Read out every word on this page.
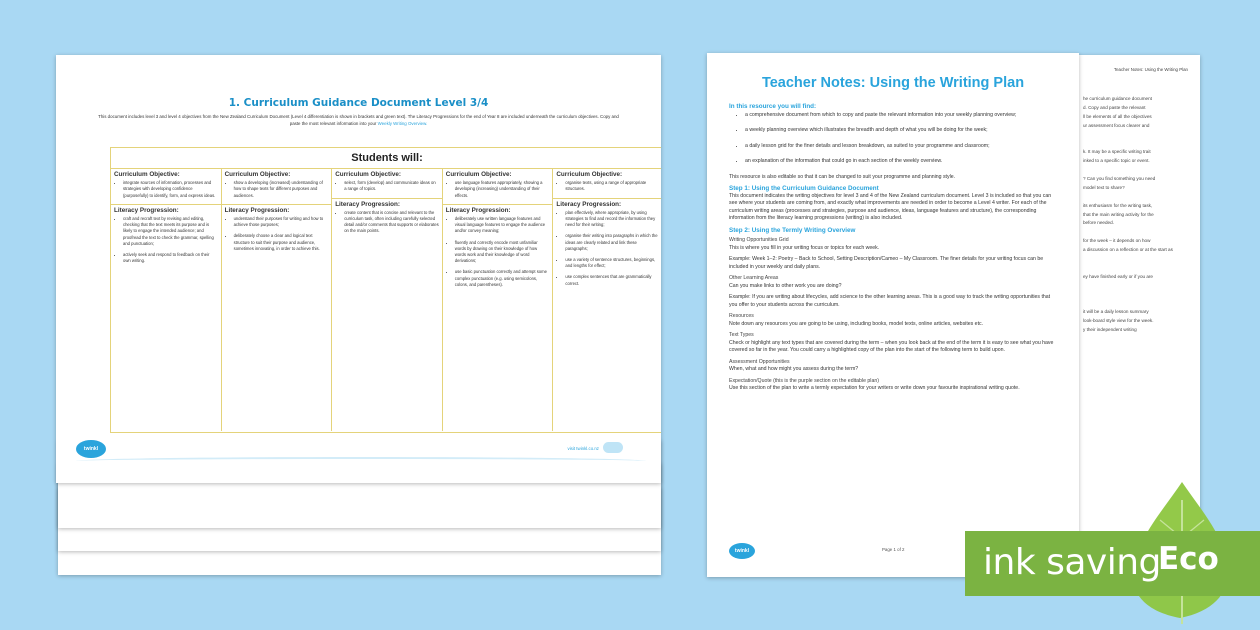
1. Curriculum Guidance Document Level 3/4
This document includes level 3 and level 4 objectives from the New Zealand Curriculum Document (Level 4 differentiation is shown in brackets and green text). The Literacy Progressions for the end of Year 8 are included underneath the curriculum objectives. Copy and paste the most relevant information into your Weekly Writing Overview.
Students will:
Curriculum Objective:
• integrate sources of information, processes and strategies with developing confidence (purposefully) to identify, form, and express ideas.
Literacy Progression:
• craft and recraft text by revising and editing, checking that the text meets its purpose and is likely to engage the intended audience; and proofread the text to check the grammar, spelling and punctuation;
• actively seek and respond to feedback on their own writing.
Curriculum Objective:
• show a developing (increased) understanding of how to shape texts for different purposes and audiences.
Literacy Progression:
• understand their purposes for writing and how to achieve those purposes;
• deliberately choose a clear and logical text structure to suit their purpose and audience, sometimes innovating, in order to achieve this.
Curriculum Objective:
• select, form (develop) and communicate ideas on a range of topics.
Literacy Progression:
• create content that is concise and relevant to the curriculum task, often including carefully selected detail and/or comments that supports or elaborates on the main points.
Curriculum Objective:
• use language features appropriately, showing a developing (increasing) understanding of their effects.
Literacy Progression:
• deliberately use written language features and visual language features to engage the audience and/or convey meaning;
• fluently and correctly encode most unfamiliar words by drawing on their knowledge of how words work and their knowledge of word derivations;
• use basic punctuation correctly and attempt some complex punctuation (e.g. using semicolons, colons, and parentheses).
Curriculum Objective:
• organise texts, using a range of appropriate structures.
Literacy Progression:
• plan effectively, where appropriate, by using strategies to find and record the information they need for their writing;
• organise their writing into paragraphs in which the ideas are clearly related and link these paragraphs;
• use a variety of sentence structures, beginnings, and lengths for effect;
• use complex sentences that are grammatically correct.
twinkl	visit twinkl.co.nz
Teacher Notes: Using the Writing Plan
he curriculum guidance document
d. Copy and paste the relevant
ll be elements of all the objectives
ur assessment focus clearer and
k. It may be a specific writing trait
inked to a specific topic or event.
? Can you find something you need
model text to share?
its enthusiasm for the writing task,
that the main writing activity for the
before needed.
for the week – it depends on how
a discussion on a reflection or at the start as
ey have finished early or if you are
it will be a daily lesson summary
look-board style view for the week.
y their independent writing
Teacher Notes: Using the Writing Plan
In this resource you will find:
• a comprehensive document from which to copy and paste the relevant information into your weekly planning overview;
• a weekly planning overview which illustrates the breadth and depth of what you will be doing for the week;
• a daily lesson grid for the finer details and lesson breakdown, as suited to your programme and classroom;
• an explanation of the information that could go in each section of the weekly overview.

This resource is also editable so that it can be changed to suit your programme and planning style.

Step 1: Using the Curriculum Guidance Document

This document indicates the writing objectives for level 3 and 4 of the New Zealand curriculum document. Level 3 is included so that you can see where your students are coming from, and exactly what improvements are needed in order to become a Level 4 writer. For each of the curriculum writing areas (processes and strategies, purpose and audience, ideas, language features and structure), the corresponding information from the literacy learning progressions (writing) is also included.

Step 2: Using the Termly Writing Overview
Writing Opportunities Grid

This is where you fill in your writing focus or topics for each week.

Example: Week 1–2: Poetry – Back to School, Setting Description/Cameo – My Classroom. The finer details for your writing focus can be included in your weekly and daily plans.

Other Learning Areas

Can you make links to other work you are doing?

Example: If you are writing about lifecycles, add science to the other learning areas. This is a good way to track the writing opportunities that you offer to your students across the curriculum.

Resources

Note down any resources you are going to be using, including books, model texts, online articles, websites etc.

Text Types

Check or highlight any text types that are covered during the term – when you look back at the end of the term it is easy to see what you have covered so far in the year. You could carry a highlighted copy of the plan into the start of the following term to build upon.

Assessment Opportunities

When, what and how might you assess during the term?

Expectation/Quote (this is the purple section on the editable plan)

Use this section of the plan to write a termly expectation for your writers or write down your favourite inspirational writing quote.

twinkl	Page 1 of 2 ink saving
Eco
